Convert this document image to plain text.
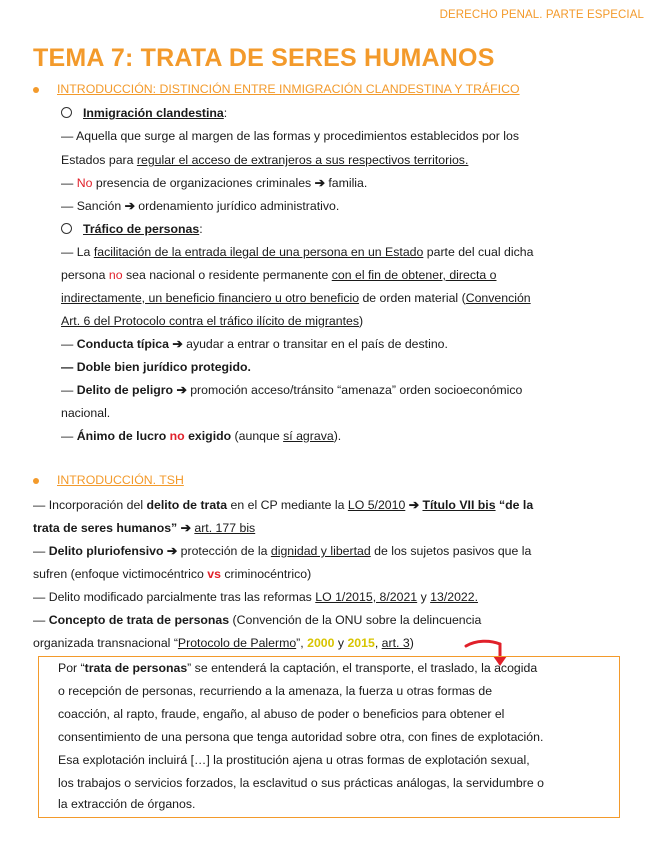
DERECHO PENAL. PARTE ESPECIAL
TEMA 7: TRATA DE SERES HUMANOS
INTRODUCCIÓN: DISTINCIÓN ENTRE INMIGRACIÓN CLANDESTINA Y TRÁFICO
Inmigración clandestina:
— Aquella que surge al margen de las formas y procedimientos establecidos por los
Estados para regular el acceso de extranjeros a sus respectivos territorios.
— No presencia de organizaciones criminales ➔ familia.
— Sanción ➔ ordenamiento jurídico administrativo.
Tráfico de personas:
— La facilitación de la entrada ilegal de una persona en un Estado parte del cual dicha
persona no sea nacional o residente permanente con el fin de obtener, directa o
indirectamente, un beneficio financiero u otro beneficio de orden material (Convención
Art. 6 del Protocolo contra el tráfico ilícito de migrantes)
— Conducta típica ➔ ayudar a entrar o transitar en el país de destino.
— Doble bien jurídico protegido.
— Delito de peligro ➔ promoción acceso/tránsito “amenaza” orden socioeconómico
nacional.
— Ánimo de lucro no exigido (aunque sí agrava).
INTRODUCCIÓN. TSH
— Incorporación del delito de trata en el CP mediante la LO 5/2010 ➔ Título VII bis “de la
trata de seres humanos” ➔ art. 177 bis
— Delito pluriofensivo ➔ protección de la dignidad y libertad de los sujetos pasivos que la
sufren (enfoque victimocéntrico vs criminocéntrico)
— Delito modificado parcialmente tras las reformas LO 1/2015, 8/2021 y 13/2022.
— Concepto de trata de personas (Convención de la ONU sobre la delincuencia
organizada transnacional “Protocolo de Palermo”, 2000 y 2015, art. 3)
Por “trata de personas” se entenderá la captación, el transporte, el traslado, la acogida
o recepción de personas, recurriendo a la amenaza, la fuerza u otras formas de
coacción, al rapto, fraude, engaño, al abuso de poder o beneficios para obtener el
consentimiento de una persona que tenga autoridad sobre otra, con fines de explotación.
Esa explotación incluirá […] la prostitución ajena u otras formas de explotación sexual,
los trabajos o servicios forzados, la esclavitud o sus prácticas análogas, la servidumbre o
la extracción de órganos.
